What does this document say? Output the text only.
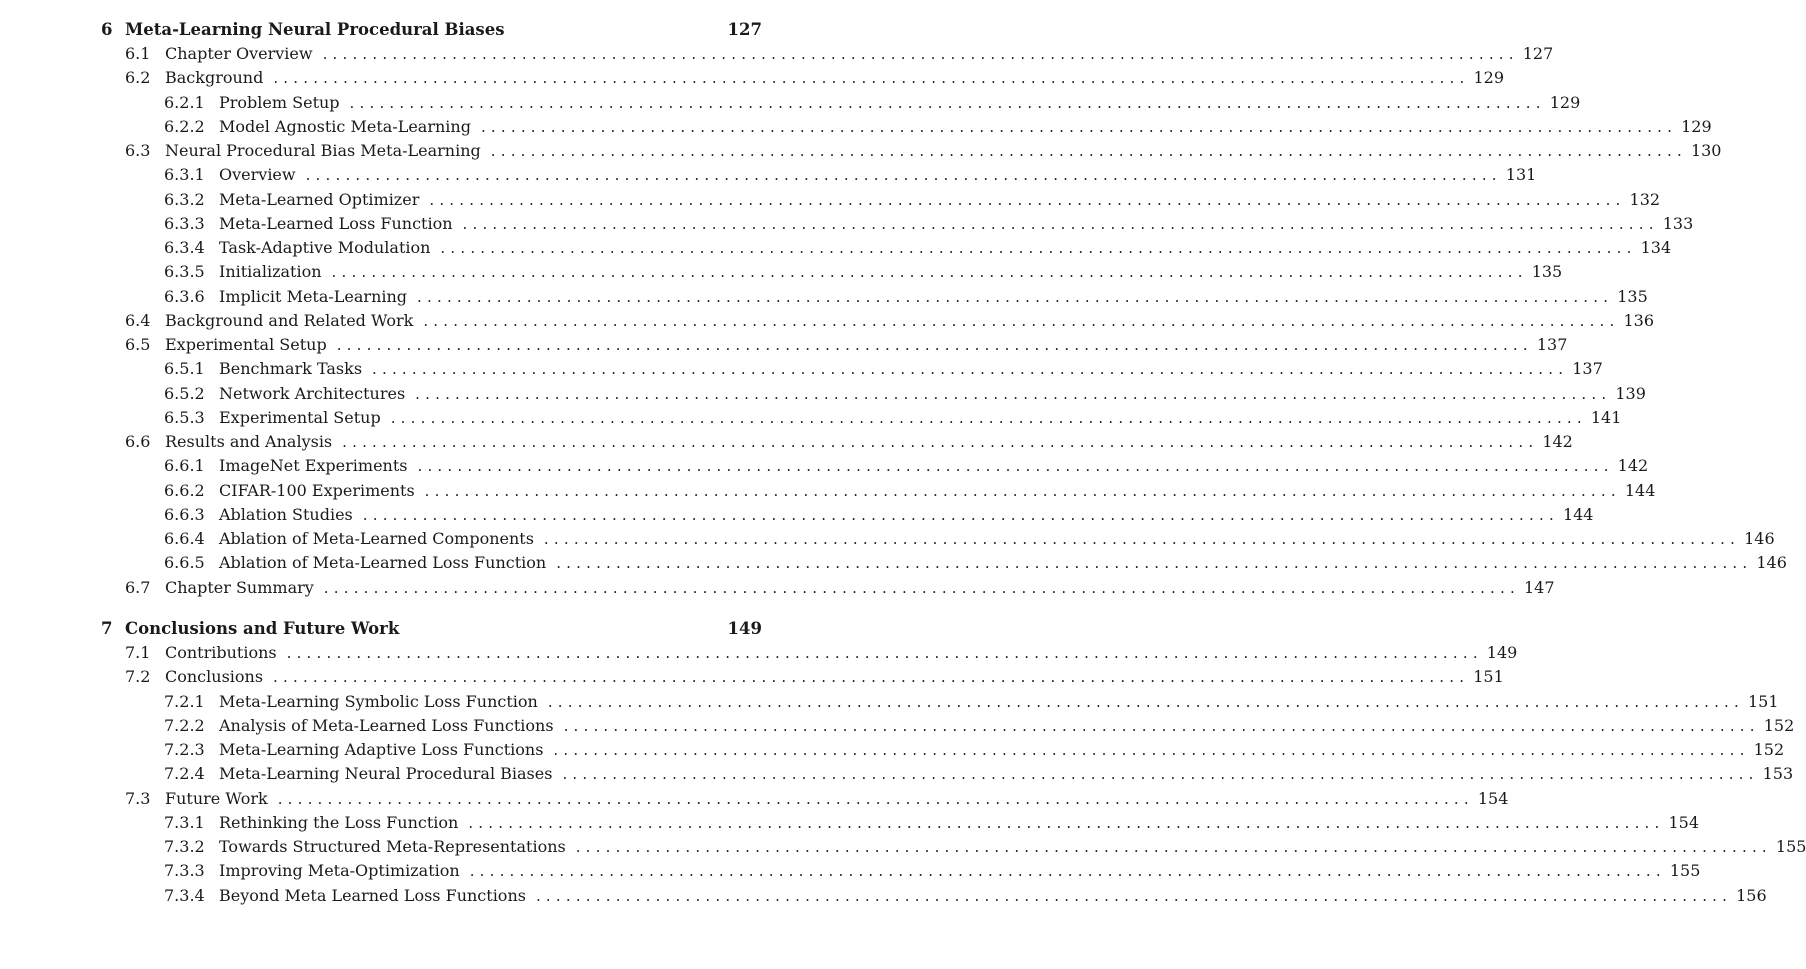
6 Meta-Learning Neural Procedural Biases	127
6.1 Chapter Overview ........................................................................................................................ 127
6.2 Background ........................................................................................................................ 129
6.2.1 Problem Setup ........................................................................................................................ 129
6.2.2 Model Agnostic Meta-Learning ........................................................................................................................ 129
6.3 Neural Procedural Bias Meta-Learning ........................................................................................................................ 130
6.3.1 Overview ........................................................................................................................ 131
6.3.2 Meta-Learned Optimizer ........................................................................................................................ 132
6.3.3 Meta-Learned Loss Function ........................................................................................................................ 133
6.3.4 Task-Adaptive Modulation ........................................................................................................................ 134
6.3.5 Initialization ........................................................................................................................ 135
6.3.6 Implicit Meta-Learning ........................................................................................................................ 135
6.4 Background and Related Work ........................................................................................................................ 136
6.5 Experimental Setup ........................................................................................................................ 137
6.5.1 Benchmark Tasks ........................................................................................................................ 137
6.5.2 Network Architectures ........................................................................................................................ 139
6.5.3 Experimental Setup ........................................................................................................................ 141
6.6 Results and Analysis ........................................................................................................................ 142
6.6.1 ImageNet Experiments ........................................................................................................................ 142
6.6.2 CIFAR-100 Experiments ........................................................................................................................ 144
6.6.3 Ablation Studies ........................................................................................................................ 144
6.6.4 Ablation of Meta-Learned Components ........................................................................................................................ 146
6.6.5 Ablation of Meta-Learned Loss Function ........................................................................................................................ 146
6.7 Chapter Summary ........................................................................................................................ 147
7 Conclusions and Future Work	149
7.1 Contributions ........................................................................................................................ 149
7.2 Conclusions ........................................................................................................................ 151
7.2.1 Meta-Learning Symbolic Loss Function ........................................................................................................................ 151
7.2.2 Analysis of Meta-Learned Loss Functions ........................................................................................................................ 152
7.2.3 Meta-Learning Adaptive Loss Functions ........................................................................................................................ 152
7.2.4 Meta-Learning Neural Procedural Biases ........................................................................................................................ 153
7.3 Future Work ........................................................................................................................ 154
7.3.1 Rethinking the Loss Function ........................................................................................................................ 154
7.3.2 Towards Structured Meta-Representations ........................................................................................................................ 155
7.3.3 Improving Meta-Optimization ........................................................................................................................ 155
7.3.4 Beyond Meta Learned Loss Functions ........................................................................................................................ 156
